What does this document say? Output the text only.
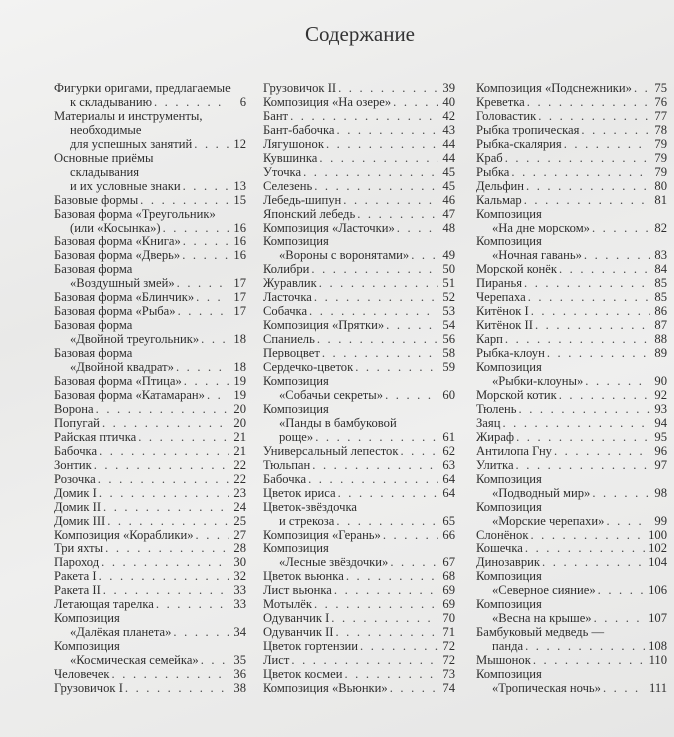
Содержание
Фигурки оригами, предлагаемые
к складыванию . . .	6
Материалы и инструменты,
необходимые
для успешных занятий . . .	12
Основные приёмы
складывания
и их условные знаки . . .	13
Базовые формы . . .	15
Базовая форма «Треугольник»
(или «Косынка») . . .	16
Базовая форма «Книга» . . .	16
Базовая форма «Дверь» . . .	16
Базовая форма
«Воздушный змей» . . .	17
Базовая форма «Блинчик» . . .	17
Базовая форма «Рыба» . . .	17
Базовая форма
«Двойной треугольник» . . .	18
Базовая форма
«Двойной квадрат» . . .	18
Базовая форма «Птица» . . .	19
Базовая форма «Катамаран» . . . 19
Ворона . . .	20
Попугай . . .	20
Райская птичка . . .	21
Бабочка . . .	21
Зонтик . . .	22
Розочка . . .	22
Домик I . . .	23
Домик II . . .	24
Домик III . . .	25
Композиция «Кораблики» . . .	27
Три яхты . . .	28
Пароход . . .	30
Ракета I . . .	32
Ракета II . . .	33
Летающая тарелка . . .	33
Композиция
«Далёкая планета» . . .	34
Композиция
«Космическая семейка» . . .	35
Человечек . . .	36
Грузовичок I . . .	38
Грузовичок II . . .	39
Композиция «На озере» . . .	40
Бант . . .	42
Бант-бабочка . . .	43
Лягушонок . . .	44
Кувшинка . . .	44
Уточка . . .	45
Селезень . . .	45
Лебедь-шипун . . .	46
Японский лебедь . . .	47
Композиция «Ласточки» . . .	48
Композиция
«Вороны с воронятами» . . .	49
Колибри . . .	50
Журавлик . . .	51
Ласточка . . .	52
Собачка . . .	53
Композиция «Прятки» . . .	54
Спаниель . . .	56
Первоцвет . . .	58
Сердечко-цветок . . .	59
Композиция
«Собачьи секреты» . . .	60
Композиция
«Панды в бамбуковой
роще» . . .	61
Универсальный лепесток . . .	62
Тюльпан . . .	63
Бабочка . . .	64
Цветок ириса . . .	64
Цветок-звёздочка
и стрекоза . . .	65
Композиция «Герань» . . .	66
Композиция
«Лесные звёздочки» . . .	67
Цветок вьюнка . . .	68
Лист вьюнка . . .	69
Мотылёк . . .	69
Одуванчик I . . .	70
Одуванчик II . . .	71
Цветок гортензии . . .	72
Лист . . .	72
Цветок космеи . . .	73
Композиция «Вьюнки» . . .	74
Композиция «Подснежники» . . . 75
Креветка . . .	76
Головастик . . .	77
Рыбка тропическая . . .	78
Рыбка-скалярия . . .	79
Краб . . .	79
Рыбка . . .	79
Дельфин . . .	80
Кальмар . . .	81
Композиция
«На дне морском» . . .	82
Композиция
«Ночная гавань» . . .	83
Морской конёк . . .	84
Пиранья . . .	85
Черепаха . . .	85
Китёнок I . . .	86
Китёнок II . . .	87
Карп . . .	88
Рыбка-клоун . . .	89
Композиция
«Рыбки-клоуны» . . .	90
Морской котик . . .	92
Тюлень . . .	93
Заяц . . .	94
Жираф . . .	95
Антилопа Гну . . .	96
Улитка . . .	97
Композиция
«Подводный мир» . . .	98
Композиция
«Морские черепахи» . . .	99
Слонёнок . . .	100
Кошечка . . .	102
Динозаврик . . .	104
Композиция
«Северное сияние» . . .	106
Композиция
«Весна на крыше» . . .	107
Бамбуковый медведь —
панда . . .	108
Мышонок . . .	110
Композиция
«Тропическая ночь» . . .	111
